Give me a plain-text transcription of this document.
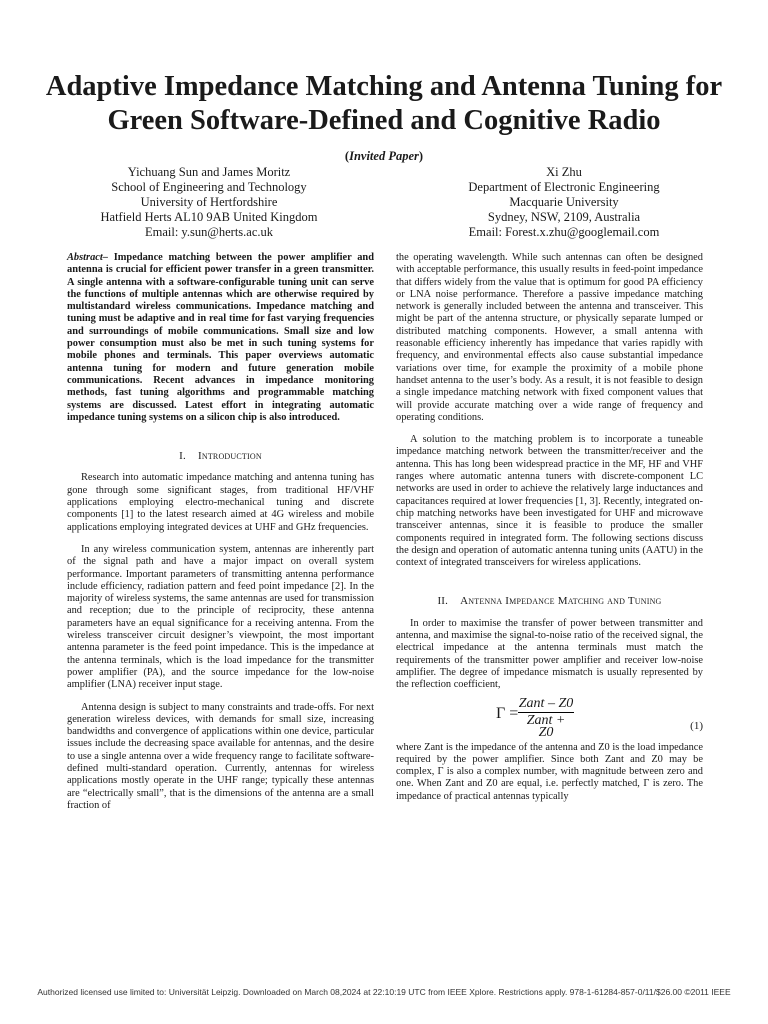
Adaptive Impedance Matching and Antenna Tuning for
Green Software-Defined and Cognitive Radio
(Invited Paper)
Yichuang Sun and James Moritz
School of Engineering and Technology
University of Hertfordshire
Hatfield Herts AL10 9AB United Kingdom
Email: y.sun@herts.ac.uk
Xi Zhu
Department of Electronic Engineering
Macquarie University
Sydney, NSW, 2109, Australia
Email: Forest.x.zhu@googlemail.com

Abstract– Impedance matching between the power amplifier and antenna is crucial for efficient power transfer in a green transmitter. A single antenna with a software-configurable tuning unit can serve the functions of multiple antennas which are otherwise required by multistandard wireless communications. Impedance matching and tuning must be adaptive and in real time for fast varying frequencies and surroundings of mobile communications. Small size and low power consumption must also be met in such tuning systems for mobile phones and terminals. This paper overviews automatic antenna tuning for modern and future generation mobile communications. Recent advances in impedance monitoring methods, fast tuning algorithms and programmable matching systems are discussed. Latest effort in integrating automatic impedance tuning systems on a silicon chip is also introduced.

I. Introduction

Research into automatic impedance matching and antenna tuning has gone through some significant stages, from traditional HF/VHF applications employing electro-mechanical tuning and discrete components [1] to the latest research aimed at 4G wireless and mobile applications employing integrated devices at UHF and GHz frequencies.

In any wireless communication system, antennas are inherently part of the signal path and have a major impact on overall system performance. Important parameters of transmitting antenna performance include efficiency, radiation pattern and feed point impedance [2]. In the majority of wireless systems, the same antennas are used for transmission and reception; due to the principle of reciprocity, these antenna parameters have an equal significance for a receiving antenna. From the wireless transceiver circuit designer’s viewpoint, the most important antenna parameter is the feed point impedance. This is the impedance at the antenna terminals, which is the load impedance for the transmitter power amplifier (PA), and the source impedance for the low-noise amplifier (LNA) receiver input stage.

Antenna design is subject to many constraints and trade-offs. For next generation wireless devices, with demands for small size, increasing bandwidths and convergence of applications within one device, particular issues include the decreasing space available for antennas, and the desire to use a single antenna over a wide frequency range to facilitate software-defined multi-standard operation. Currently, antennas for wireless applications mostly operate in the UHF range; typically these antennas are “electrically small”, that is the dimensions of the antenna are a small fraction of

the operating wavelength. While such antennas can often be designed with acceptable performance, this usually results in feed-point impedance that differs widely from the value that is optimum for good PA efficiency or LNA noise performance. Therefore a passive impedance matching network is generally included between the antenna and transceiver. This might be part of the antenna structure, or physically separate lumped or distributed matching components. However, a small antenna with reasonable efficiency inherently has impedance that varies rapidly with frequency, and environmental effects also cause substantial impedance variations over time, for example the proximity of a mobile phone handset antenna to the user’s body. As a result, it is not feasible to design a single impedance matching network with fixed component values that will provide accurate matching over a wide range of frequency and operating conditions.

A solution to the matching problem is to incorporate a tuneable impedance matching network between the transmitter/receiver and the antenna. This has long been widespread practice in the MF, HF and VHF ranges where automatic antenna tuners with discrete-component LC networks are used in order to achieve the relatively large inductances and capacitances required at lower frequencies [1, 3]. Recently, integrated on-chip matching networks have been investigated for UHF and microwave transceiver antennas, since it is feasible to produce the smaller components required in integrated form. The following sections discuss the design and operation of automatic antenna tuning units (AATU) in the context of integrated transceivers for wireless applications.

II. Antenna Impedance Matching and Tuning

In order to maximise the transfer of power between transmitter and antenna, and maximise the signal-to-noise ratio of the received signal, the electrical impedance at the antenna terminals must match the requirements of the transmitter power amplifier and receiver low-noise amplifier. The degree of impedance mismatch is usually represented by the reflection coefficient,

Γ =
Zant – Z0
Zant + Z0	(1)

where Zant is the impedance of the antenna and Z0 is the load impedance required by the power amplifier. Since both Zant and Z0 may be complex, Γ is also a complex number, with magnitude between zero and one. When Zant and Z0 are equal, i.e. perfectly matched, Γ is zero. The impedance of practical antennas typically

Authorized licensed use limited to: Universität Leipzig. Downloaded on March 08,2024 at 22:10:19 UTC from IEEE Xplore. Restrictions apply. 978-1-61284-857-0/11/$26.00 ©2011 IEEE
